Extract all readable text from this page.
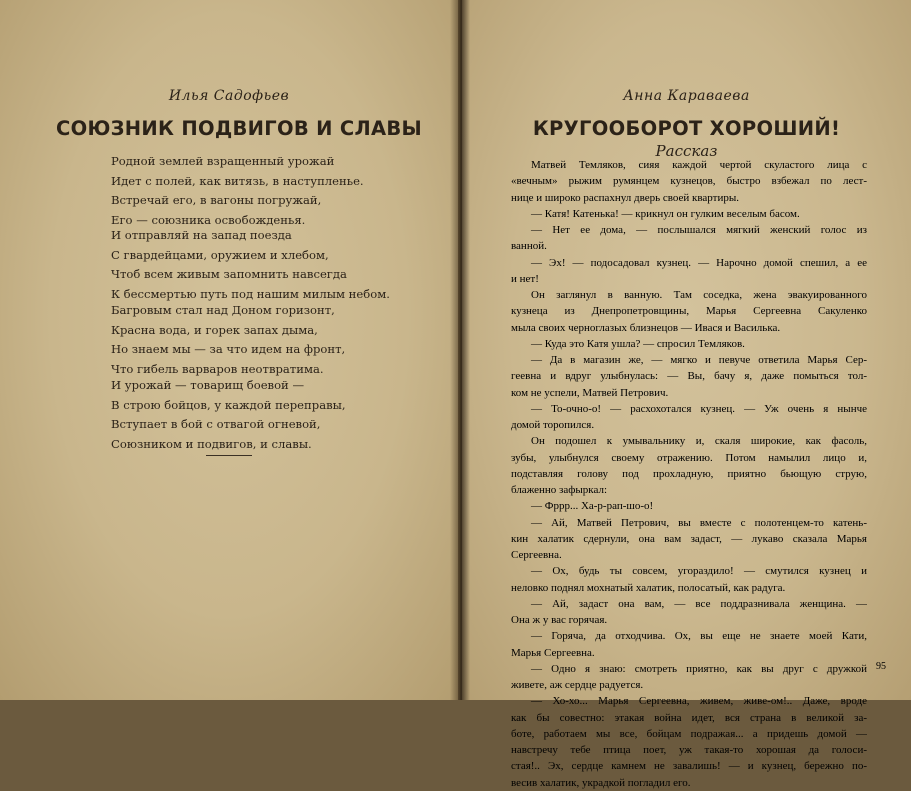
Илья Садофьев

СОЮЗНИК ПОДВИГОВ И СЛАВЫ

Родной землей взращенный урожай
Идет с полей, как витязь, в наступленье.
Встречай его, в вагоны погружай,
Его — союзника освобожденья.
И отправляй на запад поезда
С гвардейцами, оружием и хлебом,
Чтоб всем живым запомнить навсегда
К бессмертью путь под нашим милым небом.
Багровым стал над Доном горизонт,
Красна вода, и горек запах дыма,
Но знаем мы — за что идем на фронт,
Что гибель варваров неотвратима.
И урожай — товарищ боевой —
В строю бойцов, у каждой переправы,
Вступает в бой с отвагой огневой,
Союзником и подвигов, и славы.

Анна Караваева

КРУГООБОРОТ ХОРОШИЙ!

Рассказ

Матвей Темляков, сияя каждой чертой скуластого лица с
«вечным» рыжим румянцем кузнецов, быстро взбежал по лест-
нице и широко распахнул дверь своей квартиры.
— Катя! Катенька! — крикнул он гулким веселым басом.
— Нет ее дома, — послышался мягкий женский голос из
ванной.
— Эх! — подосадовал кузнец. — Нарочно домой спешил, а ее
и нет!
Он заглянул в ванную. Там соседка, жена эвакуированного
кузнеца из Днепропетровщины, Марья Сергеевна Сакуленко
мыла своих черноглазых близнецов — Ивася и Василька.
— Куда это Катя ушла? — спросил Темляков.
— Да в магазин же, — мягко и певуче ответила Марья Сер-
геевна и вдруг улыбнулась: — Вы, бачу я, даже помыться тол-
ком не успели, Матвей Петрович.
— То-очно-о! — расхохотался кузнец. — Уж очень я нынче
домой торопился.
Он подошел к умывальнику и, скаля широкие, как фасоль,
зубы, улыбнулся своему отражению. Потом намылил лицо и,
подставляя голову под прохладную, приятно бьющую струю,
блаженно зафыркал:
— Фррр... Ха-р-рап-шо-о!
— Ай, Матвей Петрович, вы вместе с полотенцем-то катень-
кин халатик сдернули, она вам задаст, — лукаво сказала Марья
Сергеевна.
— Ох, будь ты совсем, угораздило! — смутился кузнец и
неловко поднял мохнатый халатик, полосатый, как радуга.
— Ай, задаст она вам, — все поддразнивала женщина. —
Она ж у вас горячая.
— Горяча, да отходчива. Ох, вы еще не знаете моей Кати,
Марья Сергеевна.
— Одно я знаю: смотреть приятно, как вы друг с дружкой
живете, аж сердце радуется.
— Хо-хо... Марья Сергеевна, живем, живе-ом!.. Даже, вроде
как бы совестно: этакая война идет, вся страна в великой за-
боте, работаем мы все, бойцам подражая... а придешь домой —
навстречу тебе птица поет, уж такая-то хорошая да голоси-
стая!.. Эх, сердце камнем не завалишь! — и кузнец, бережно по-
весив халатик, украдкой погладил его.
95
